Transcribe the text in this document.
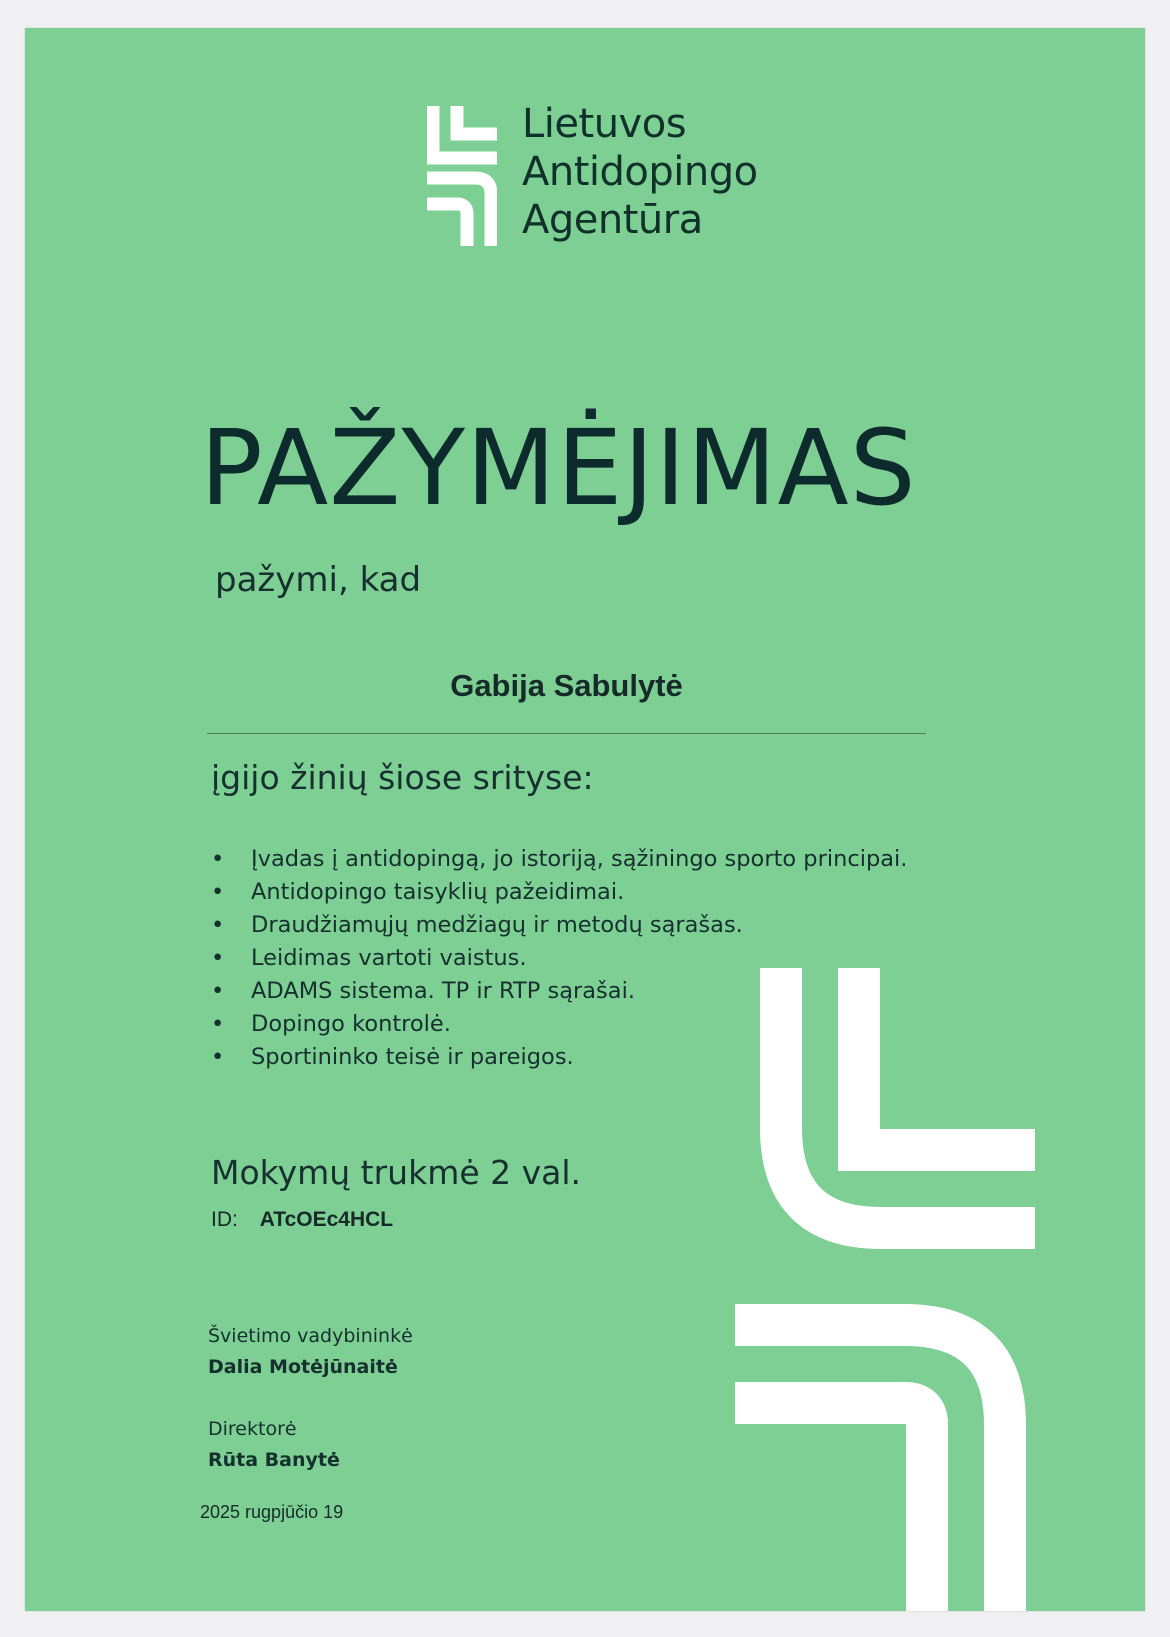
Lietuvos
Antidopingo
Agentūra

PAŽYMĖJIMAS

pažymi, kad

Gabija Sabulytė

įgijo žinių šiose srityse:

• Įvadas į antidopingą, jo istoriją, sąžiningo sporto principai.
• Antidopingo taisyklių pažeidimai.
• Draudžiamųjų medžiagų ir metodų sąrašas.
• Leidimas vartoti vaistus.
• ADAMS sistema. TP ir RTP sąrašai.
• Dopingo kontrolė.
• Sportininko teisė ir pareigos.

Mokymų trukmė 2 val.

ID: ATcOEc4HCL

Švietimo vadybininkė
Dalia Motėjūnaitė

Direktorė
Rūta Banytė

2025 rugpjūčio 19
